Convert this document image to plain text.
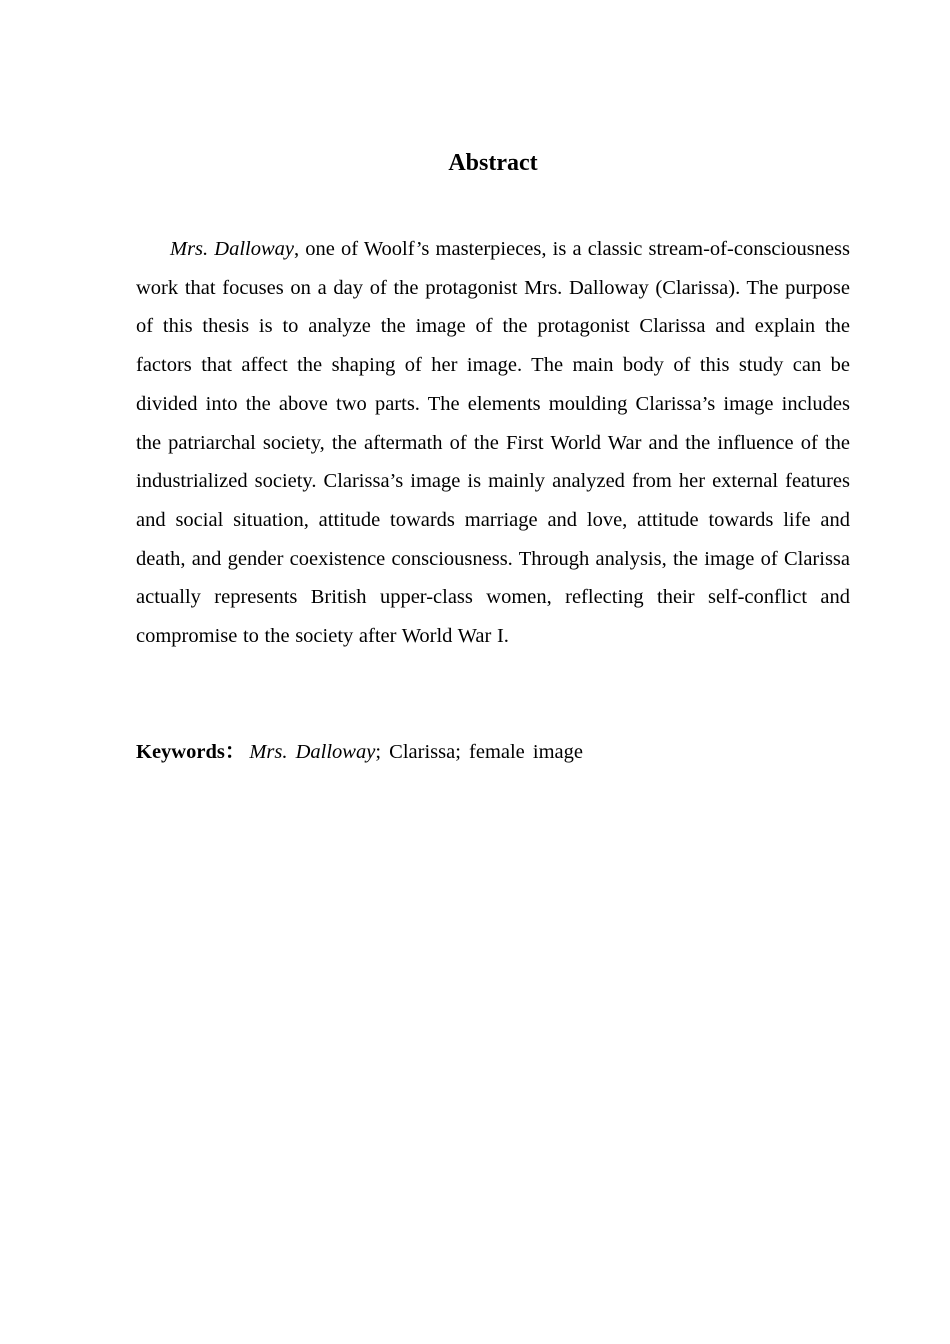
Abstract

Mrs. Dalloway, one of Woolf’s masterpieces, is a classic stream-of-consciousness work that focuses on a day of the protagonist Mrs. Dalloway (Clarissa). The purpose of this thesis is to analyze the image of the protagonist Clarissa and explain the factors that affect the shaping of her image. The main body of this study can be divided into the above two parts. The elements moulding Clarissa’s image includes the patriarchal society, the aftermath of the First World War and the influence of the industrialized society. Clarissa’s image is mainly analyzed from her external features and social situation, attitude towards marriage and love, attitude towards life and death, and gender coexistence consciousness. Through analysis, the image of Clarissa actually represents British upper-class women, reflecting their self-conflict and compromise to the society after World War I.

Keywords： Mrs. Dalloway; Clarissa; female image
